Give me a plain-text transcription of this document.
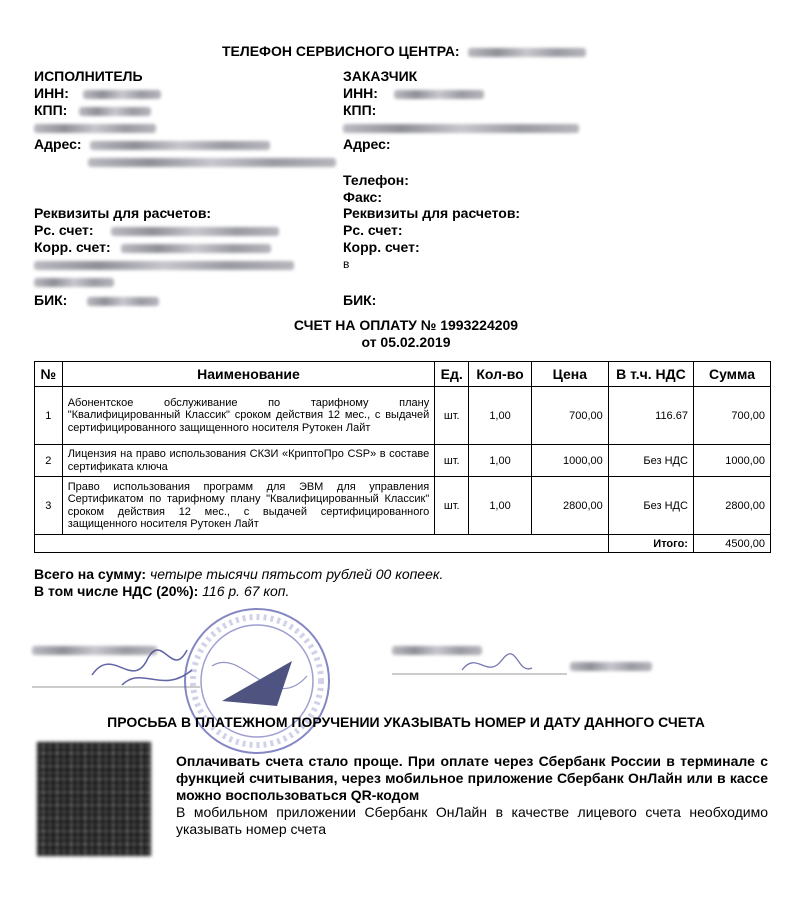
ТЕЛЕФОН СЕРВИСНОГО ЦЕНТРА:
ИСПОЛНИТЕЛЬ
ИНН:
КПП:
Адрес:
Реквизиты для расчетов:
Рс. счет:
Корр. счет:
БИК:
ЗАКАЗЧИК
ИНН:
КПП:
Адрес:

Телефон:
Факс:
Реквизиты для расчетов:
Рс. счет:
Корр. счет:
в

БИК:
СЧЕТ НА ОПЛАТУ № 1993224209
от 05.02.2019
№	Наименование	Ед.	Кол-во	Цена	В т.ч. НДС	Сумма
1	Абонентское обслуживание по тарифному плану "Квалифицированный Классик" сроком действия 12 мес., с выдачей сертифицированного защищенного носителя Рутокен Лайт	шт.	1,00	700,00	116.67	700,00
2	Лицензия на право использования СКЗИ «КриптоПро CSP» в составе сертификата ключа	шт.	1,00	1000,00	Без НДС	1000,00
3	Право использования программ для ЭВМ для управления Сертификатом по тарифному плану "Квалифицированный Классик" сроком действия 12 мес., с выдачей сертифицированного защищенного носителя Рутокен Лайт	шт.	1,00	2800,00	Без НДС	2800,00
					Итого:	4500,00
Всего на сумму: четыре тысячи пятьсот рублей 00 копеек.
В том числе НДС (20%): 116 р. 67 коп.
ПРОСЬБА В ПЛАТЕЖНОМ ПОРУЧЕНИИ УКАЗЫВАТЬ НОМЕР И ДАТУ ДАННОГО СЧЕТА
Оплачивать счета стало проще. При оплате через Сбербанк России в терминале с функцией считывания, через мобильное приложение Сбербанк ОнЛайн или в кассе можно воспользоваться QR-кодом
В мобильном приложении Сбербанк ОнЛайн в качестве лицевого счета необходимо указывать номер счета
